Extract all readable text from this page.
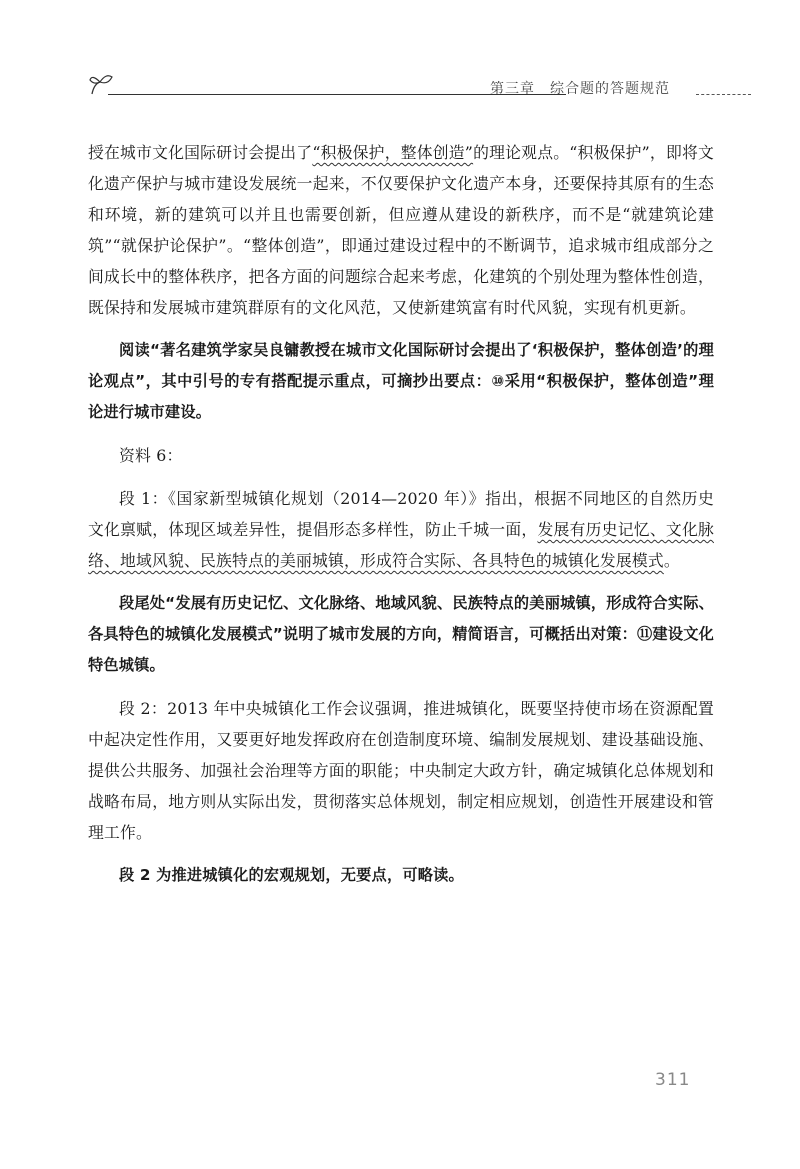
第三章　综合题的答题规范

授在城市文化国际研讨会提出了“积极保护，整体创造”的理论观点。“积极保护”，即将文化遗产保护与城市建设发展统一起来，不仅要保护文化遗产本身，还要保持其原有的生态和环境，新的建筑可以并且也需要创新，但应遵从建设的新秩序，而不是“就建筑论建筑”“就保护论保护”。“整体创造”，即通过建设过程中的不断调节，追求城市组成部分之间成长中的整体秩序，把各方面的问题综合起来考虑，化建筑的个别处理为整体性创造，既保持和发展城市建筑群原有的文化风范，又使新建筑富有时代风貌，实现有机更新。

阅读“著名建筑学家吴良镛教授在城市文化国际研讨会提出了‘积极保护，整体创造’的理论观点”，其中引号的专有搭配提示重点，可摘抄出要点：⑩采用“积极保护，整体创造”理论进行城市建设。

资料 6：

段 1：《国家新型城镇化规划（2014—2020 年）》指出，根据不同地区的自然历史文化禀赋，体现区域差异性，提倡形态多样性，防止千城一面，发展有历史记忆、文化脉络、地域风貌、民族特点的美丽城镇，形成符合实际、各具特色的城镇化发展模式。

段尾处“发展有历史记忆、文化脉络、地域风貌、民族特点的美丽城镇，形成符合实际、各具特色的城镇化发展模式”说明了城市发展的方向，精简语言，可概括出对策：⑪建设文化特色城镇。

段 2：2013 年中央城镇化工作会议强调，推进城镇化，既要坚持使市场在资源配置中起决定性作用，又要更好地发挥政府在创造制度环境、编制发展规划、建设基础设施、提供公共服务、加强社会治理等方面的职能；中央制定大政方针，确定城镇化总体规划和战略布局，地方则从实际出发，贯彻落实总体规划，制定相应规划，创造性开展建设和管理工作。

段 2 为推进城镇化的宏观规划，无要点，可略读。

311
